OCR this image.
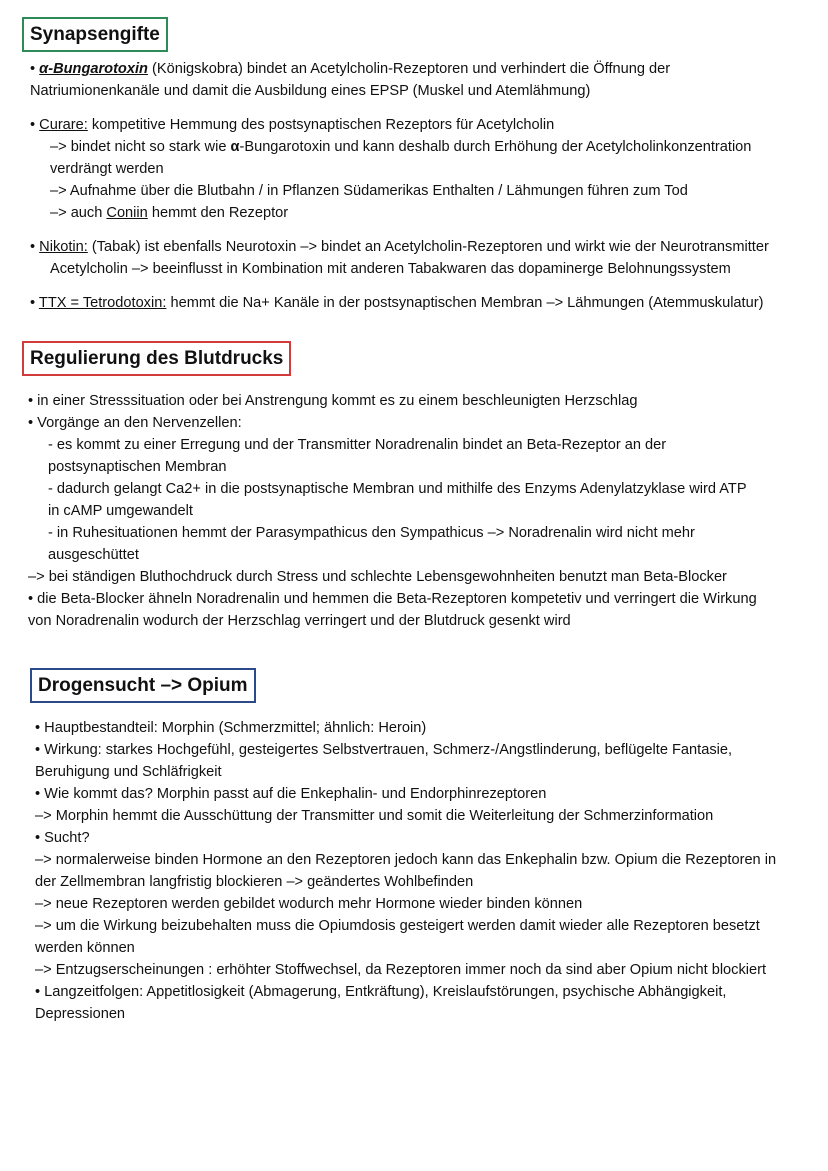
Synapsengifte

• α-Bungarotoxin (Königskobra) bindet an Acetylcholin-Rezeptoren und verhindert die Öffnung der

Natriumionenkanäle und damit die Ausbildung eines EPSP (Muskel und Atemlähmung)

• Curare: kompetitive Hemmung des postsynaptischen Rezeptors für Acetylcholin

–> bindet nicht so stark wie α-Bungarotoxin und kann deshalb durch Erhöhung der Acetylcholinkonzentration

verdrängt werden

–> Aufnahme über die Blutbahn / in Pflanzen Südamerikas Enthalten / Lähmungen führen zum Tod

–> auch Coniin hemmt den Rezeptor

• Nikotin: (Tabak) ist ebenfalls Neurotoxin –> bindet an Acetylcholin-Rezeptoren und wirkt wie der Neurotransmitter

Acetylcholin –> beeinflusst in Kombination mit anderen Tabakwaren das dopaminerge Belohnungssystem

• TTX = Tetrodotoxin: hemmt die Na+ Kanäle in der postsynaptischen Membran –> Lähmungen (Atemmuskulatur)

Regulierung des Blutdrucks

• in einer Stresssituation oder bei Anstrengung kommt es zu einem beschleunigten Herzschlag

• Vorgänge an den Nervenzellen:

- es kommt zu einer Erregung und der Transmitter Noradrenalin bindet an Beta-Rezeptor an der

postsynaptischen Membran

- dadurch gelangt Ca2+ in die postsynaptische Membran und mithilfe des Enzyms Adenylatzyklase wird ATP

in cAMP umgewandelt

- in Ruhesituationen hemmt der Parasympathicus den Sympathicus –> Noradrenalin wird nicht mehr

ausgeschüttet

–> bei ständigen Bluthochdruck durch Stress und schlechte Lebensgewohnheiten benutzt man Beta-Blocker

• die Beta-Blocker ähneln Noradrenalin und hemmen die Beta-Rezeptoren kompetetiv und verringert die Wirkung

von Noradrenalin wodurch der Herzschlag verringert und der Blutdruck gesenkt wird

Drogensucht –> Opium

• Hauptbestandteil: Morphin (Schmerzmittel; ähnlich: Heroin)

• Wirkung: starkes Hochgefühl, gesteigertes Selbstvertrauen, Schmerz-/Angstlinderung, beflügelte Fantasie,

Beruhigung und Schläfrigkeit

• Wie kommt das? Morphin passt auf die Enkephalin- und Endorphinrezeptoren

–> Morphin hemmt die Ausschüttung der Transmitter und somit die Weiterleitung der Schmerzinformation

• Sucht?

–> normalerweise binden Hormone an den Rezeptoren jedoch kann das Enkephalin bzw. Opium die Rezeptoren in

der Zellmembran langfristig blockieren –> geändertes Wohlbefinden

–> neue Rezeptoren werden gebildet wodurch mehr Hormone wieder binden können

–> um die Wirkung beizubehalten muss die Opiumdosis gesteigert werden damit wieder alle Rezeptoren besetzt

werden können

–> Entzugserscheinungen : erhöhter Stoffwechsel, da Rezeptoren immer noch da sind aber Opium nicht blockiert

• Langzeitfolgen: Appetitlosigkeit (Abmagerung, Entkräftung), Kreislaufstörungen, psychische Abhängigkeit,

Depressionen
